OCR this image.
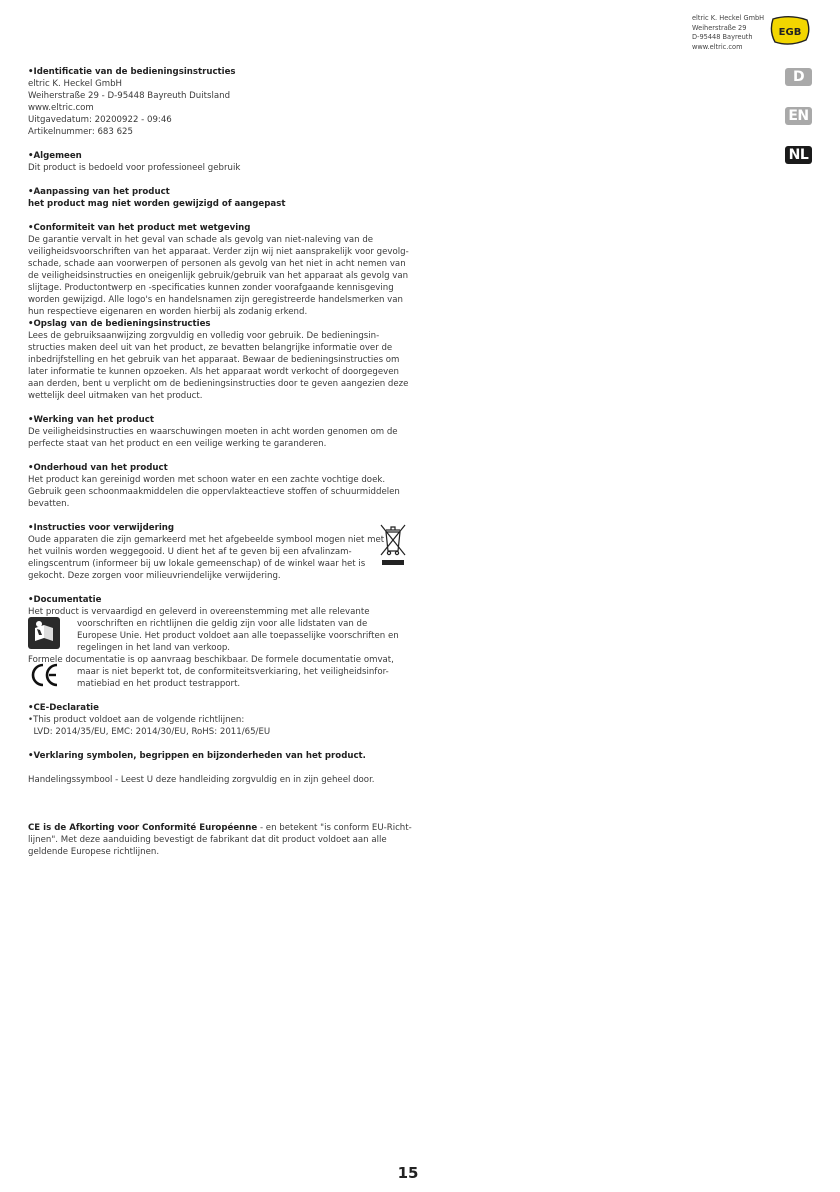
eltric K. Heckel GmbH
Weiherstraße 29
D-95448 Bayreuth
www.eltric.com
EGB
D
EN
NL
•Identificatie van de bedieningsinstructies
eltric K. Heckel GmbH
Weiherstraße 29 - D-95448 Bayreuth Duitsland
www.eltric.com
Uitgavedatum: 20200922 - 09:46
Artikelnummer: 683 625
•Algemeen
Dit product is bedoeld voor professioneel gebruik
•Aanpassing van het product
het product mag niet worden gewijzigd of aangepast
•Conformiteit van het product met wetgeving
De garantie vervalt in het geval van schade als gevolg van niet-naleving van de
veiligheidsvoorschriften van het apparaat. Verder zijn wij niet aansprakelijk voor gevolg-
schade, schade aan voorwerpen of personen als gevolg van het niet in acht nemen van
de veiligheidsinstructies en oneigenlijk gebruik/gebruik van het apparaat als gevolg van
slijtage. Productontwerp en -specificaties kunnen zonder voorafgaande kennisgeving
worden gewijzigd. Alle logo's en handelsnamen zijn geregistreerde handelsmerken van
hun respectieve eigenaren en worden hierbij als zodanig erkend.
•Opslag van de bedieningsinstructies
Lees de gebruiksaanwijzing zorgvuldig en volledig voor gebruik. De bedieningsin-
structies maken deel uit van het product, ze bevatten belangrijke informatie over de
inbedrijfstelling en het gebruik van het apparaat. Bewaar de bedieningsinstructies om
later informatie te kunnen opzoeken. Als het apparaat wordt verkocht of doorgegeven
aan derden, bent u verplicht om de bedieningsinstructies door te geven aangezien deze
wettelijk deel uitmaken van het product.
•Werking van het product
De veiligheidsinstructies en waarschuwingen moeten in acht worden genomen om de
perfecte staat van het product en een veilige werking te garanderen.
•Onderhoud van het product
Het product kan gereinigd worden met schoon water en een zachte vochtige doek.
Gebruik geen schoonmaakmiddelen die oppervlakteactieve stoffen of schuurmiddelen
bevatten.
•Instructies voor verwijdering
Oude apparaten die zijn gemarkeerd met het afgebeelde symbool mogen niet met
het vuilnis worden weggegooid. U dient het af te geven bij een afvalinzam-
elingscentrum (informeer bij uw lokale gemeenschap) of de winkel waar het is
gekocht. Deze zorgen voor milieuvriendelijke verwijdering.
•Documentatie
Het product is vervaardigd en geleverd in overeenstemming met alle relevante
voorschriften en richtlijnen die geldig zijn voor alle lidstaten van de
Europese Unie. Het product voldoet aan alle toepasselijke voorschriften en
regelingen in het land van verkoop.
Formele documentatie is op aanvraag beschikbaar. De formele documentatie omvat,
maar is niet beperkt tot, de conformiteitsverkiaring, het veiligheidsinfor-
matiebiad en het product testrapport.
•CE-Declaratie
•This product voldoet aan de volgende richtlijnen:
LVD: 2014/35/EU, EMC: 2014/30/EU, RoHS: 2011/65/EU
•Verklaring symbolen, begrippen en bijzonderheden van het product.
Handelingssymbool - Leest U deze handleiding zorgvuldig en in zijn geheel door.
CE is de Afkorting voor Conformité Européenne - en betekent "is conform EU-Richt-
lijnen". Met deze aanduiding bevestigt de fabrikant dat dit product voldoet aan alle
geldende Europese richtlijnen.
15
